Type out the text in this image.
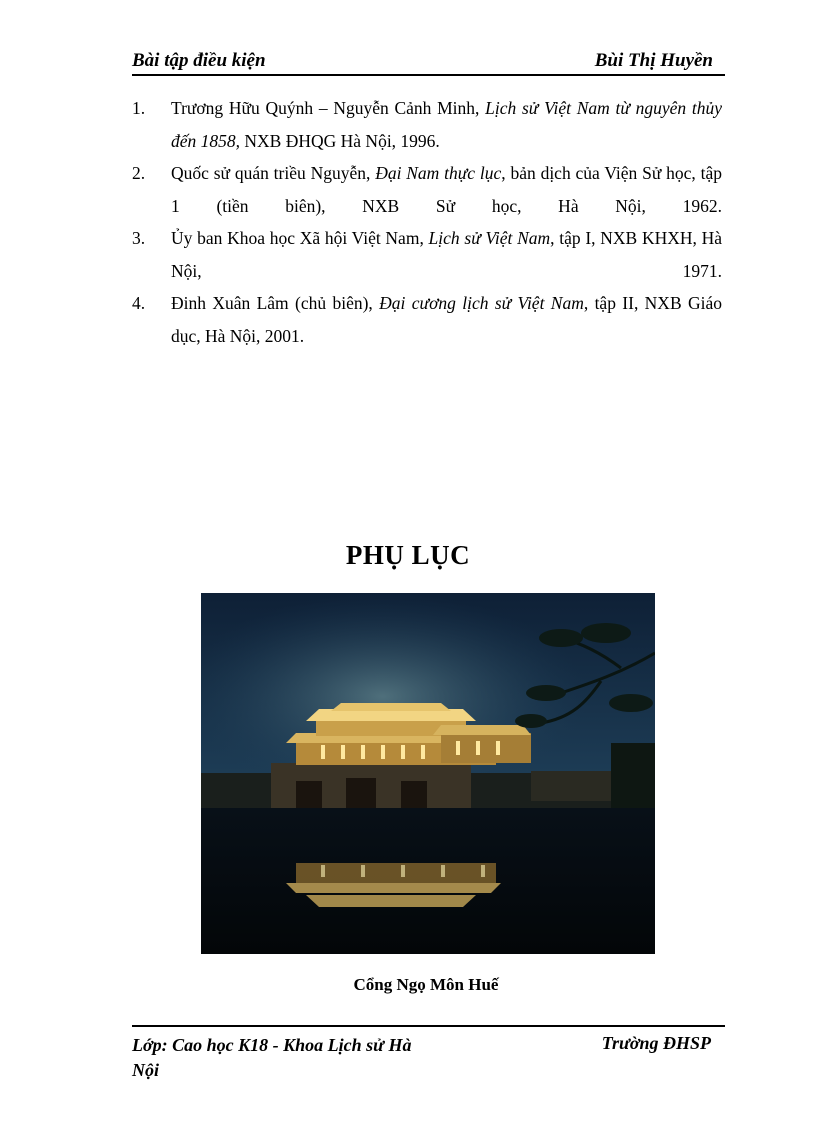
Bài tập điều kiện	Bùi Thị Huyền
1. Trương Hữu Quýnh – Nguyễn Cảnh Minh, Lịch sử Việt Nam từ nguyên thủy đến 1858, NXB ĐHQG Hà Nội, 1996.
2. Quốc sử quán triều Nguyễn, Đại Nam thực lục, bản dịch của Viện Sử học, tập 1 (tiền biên), NXB Sử học, Hà Nội, 1962.
3. Ủy ban Khoa học Xã hội Việt Nam, Lịch sử Việt Nam, tập I, NXB KHXH, Hà Nội, 1971.
4. Đinh Xuân Lâm (chủ biên), Đại cương lịch sử Việt Nam, tập II, NXB Giáo dục, Hà Nội, 2001.
PHỤ LỤC
Cổng Ngọ Môn Huế
Lớp: Cao học K18 - Khoa Lịch sử Hà Nội
Trường ĐHSP
